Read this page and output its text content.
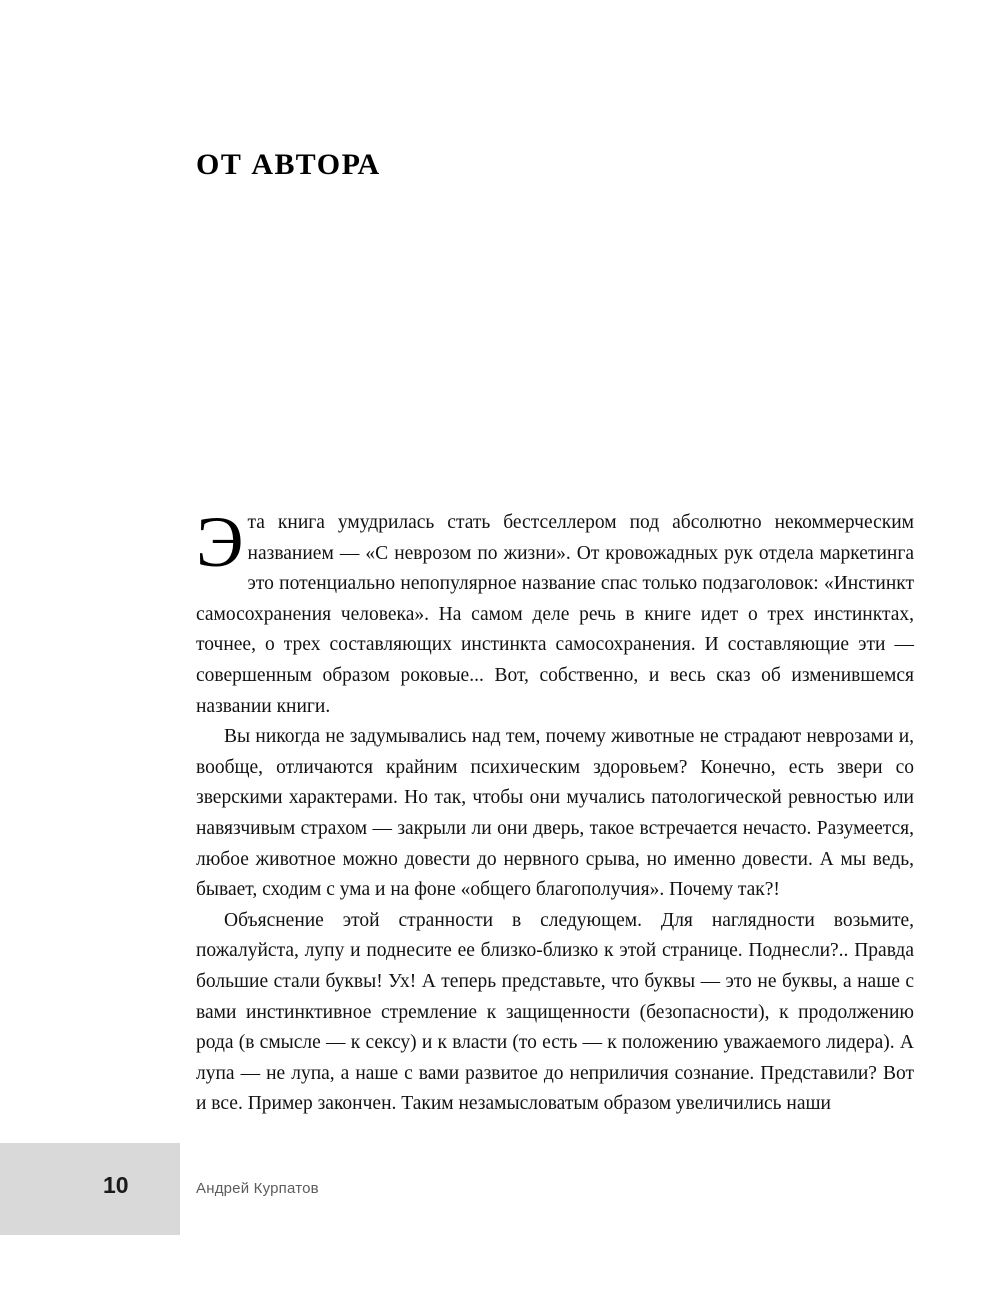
ОТ АВТОРА

Эта книга умудрилась стать бестселлером под абсолютно некоммерческим названием — «С неврозом по жизни». От кровожадных рук отдела маркетинга это потенциально непопулярное название спас только подзаголовок: «Инстинкт самосохранения человека». На самом деле речь в книге идет о трех инстинктах, точнее, о трех составляющих инстинкта самосохранения. И составляющие эти — совершенным образом роковые... Вот, собственно, и весь сказ об изменившемся названии книги.

Вы никогда не задумывались над тем, почему животные не страдают неврозами и, вообще, отличаются крайним психическим здоровьем? Конечно, есть звери со зверскими характерами. Но так, чтобы они мучались патологической ревностью или навязчивым страхом — закрыли ли они дверь, такое встречается нечасто. Разумеется, любое животное можно довести до нервного срыва, но именно довести. А мы ведь, бывает, сходим с ума и на фоне «общего благополучия». Почему так?!

Объяснение этой странности в следующем. Для наглядности возьмите, пожалуйста, лупу и поднесите ее близко-близко к этой странице. Поднесли?.. Правда большие стали буквы! Ух! А теперь представьте, что буквы — это не буквы, а наше с вами инстинктивное стремление к защищенности (безопасности), к продолжению рода (в смысле — к сексу) и к власти (то есть — к положению уважаемого лидера). А лупа — не лупа, а наше с вами развитое до неприличия сознание. Представили? Вот и все. Пример закончен. Таким незамысловатым образом увеличились наши

10	Андрей Курпатов
